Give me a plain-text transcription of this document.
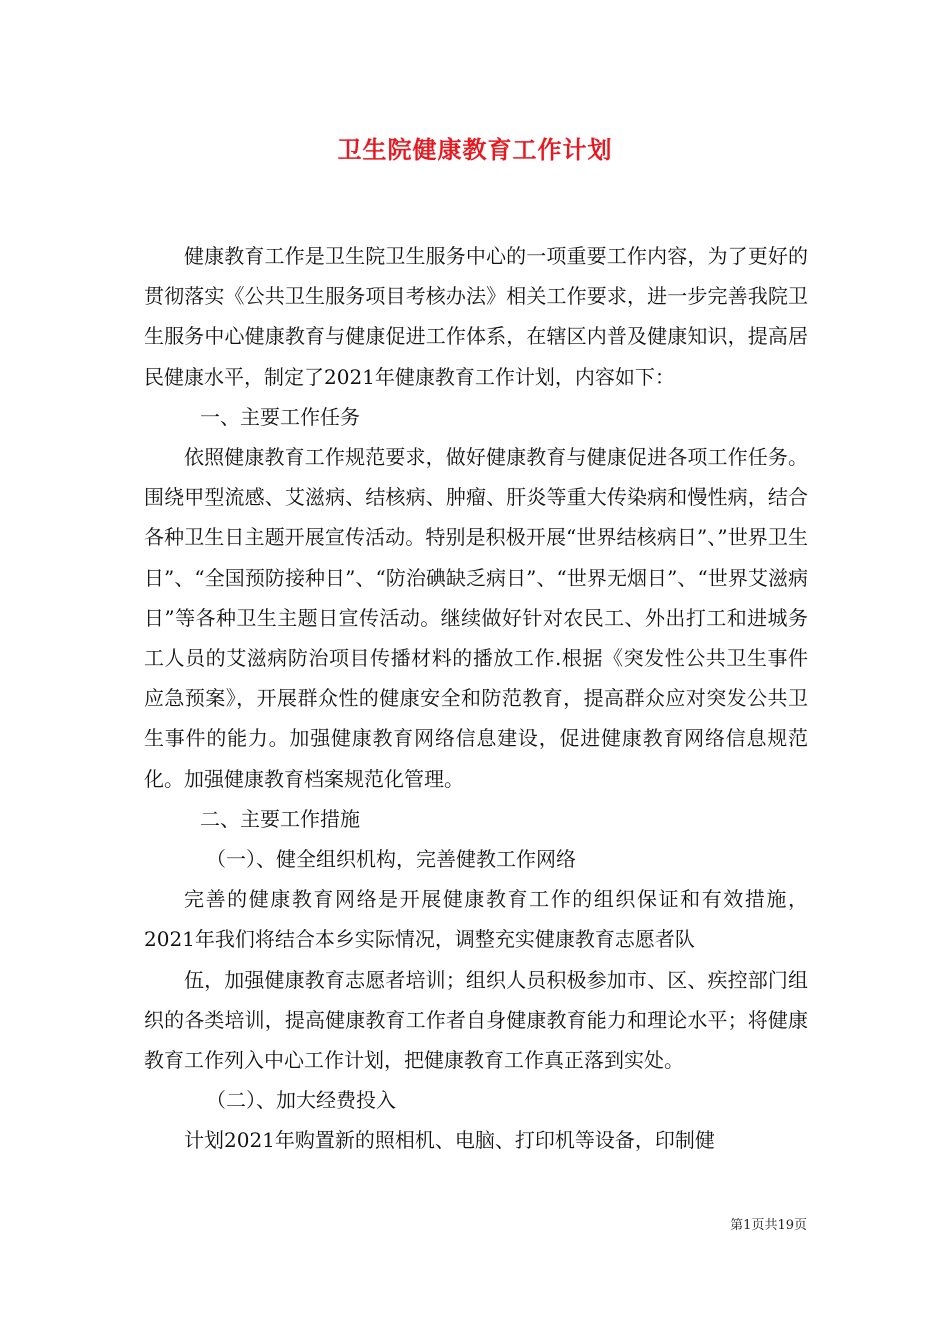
卫生院健康教育工作计划

健康教育工作是卫生院卫生服务中心的一项重要工作内容，为了更好的贯彻落实《公共卫生服务项目考核办法》相关工作要求，进一步完善我院卫生服务中心健康教育与健康促进工作体系，在辖区内普及健康知识，提高居民健康水平，制定了2021年健康教育工作计划，内容如下：

一、主要工作任务

依照健康教育工作规范要求，做好健康教育与健康促进各项工作任务。围绕甲型流感、艾滋病、结核病、肿瘤、肝炎等重大传染病和慢性病，结合各种卫生日主题开展宣传活动。特别是积极开展“世界结核病日”、”世界卫生日”、“全国预防接种日”、“防治碘缺乏病日”、“世界无烟日”、“世界艾滋病日”等各种卫生主题日宣传活动。继续做好针对农民工、外出打工和进城务工人员的艾滋病防治项目传播材料的播放工作.根据《突发性公共卫生事件应急预案》，开展群众性的健康安全和防范教育，提高群众应对突发公共卫生事件的能力。加强健康教育网络信息建设，促进健康教育网络信息规范化。加强健康教育档案规范化管理。

二、主要工作措施

（一）、健全组织机构，完善健教工作网络

完善的健康教育网络是开展健康教育工作的组织保证和有效措施，2021年我们将结合本乡实际情况，调整充实健康教育志愿者队

伍，加强健康教育志愿者培训；组织人员积极参加市、区、疾控部门组织的各类培训，提高健康教育工作者自身健康教育能力和理论水平；将健康教育工作列入中心工作计划，把健康教育工作真正落到实处。

（二）、加大经费投入

计划2021年购置新的照相机、电脑、打印机等设备，印制健

第1页共19页
